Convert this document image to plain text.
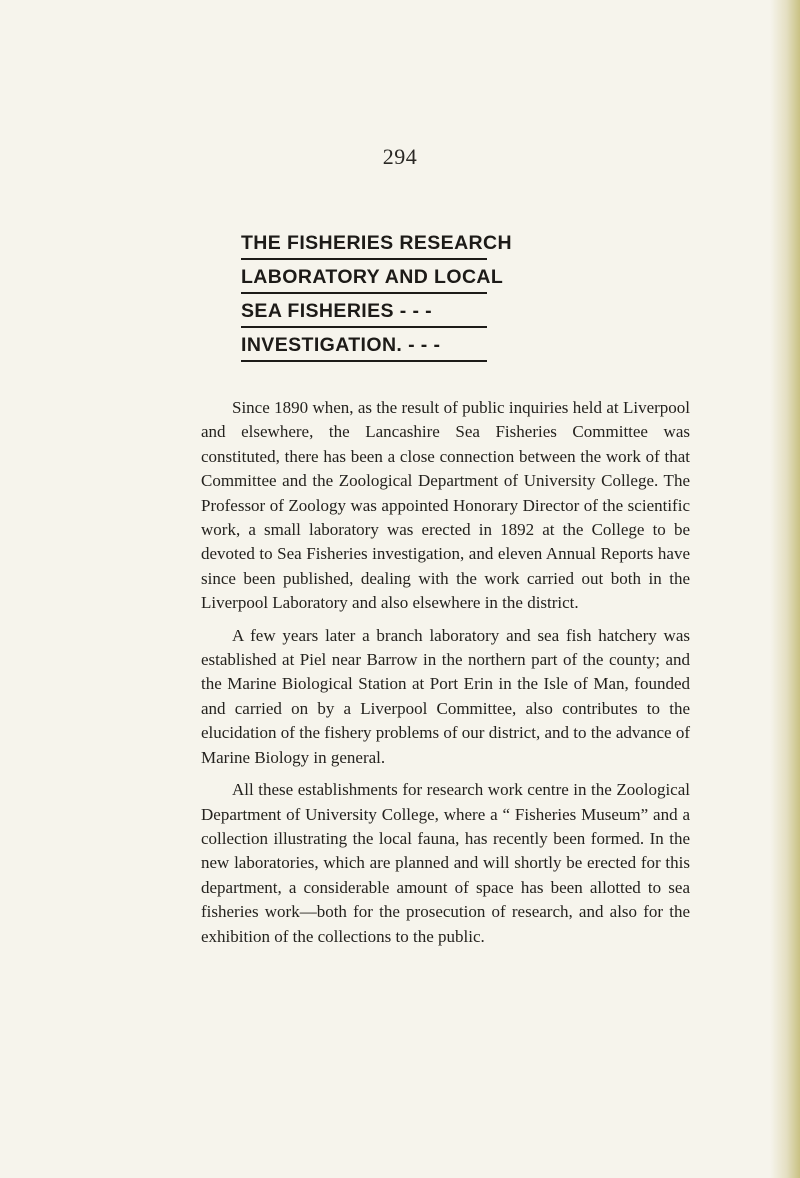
294
THE FISHERIES RESEARCH
LABORATORY AND LOCAL
SEA FISHERIES - - -
INVESTIGATION. - - -

Since 1890 when, as the result of public inquiries held at Liverpool and elsewhere, the Lancashire Sea Fisheries Committee was constituted, there has been a close connection between the work of that Committee and the Zoological Department of University College. The Professor of Zoology was appointed Honorary Director of the scientific work, a small laboratory was erected in 1892 at the College to be devoted to Sea Fisheries investigation, and eleven Annual Reports have since been published, dealing with the work carried out both in the Liverpool Laboratory and also elsewhere in the district.

A few years later a branch laboratory and sea fish hatchery was established at Piel near Barrow in the northern part of the county; and the Marine Biological Station at Port Erin in the Isle of Man, founded and carried on by a Liverpool Committee, also contributes to the elucidation of the fishery problems of our district, and to the advance of Marine Biology in general.

All these establishments for research work centre in the Zoological Department of University College, where a “ Fisheries Museum” and a collection illustrating the local fauna, has recently been formed. In the new laboratories, which are planned and will shortly be erected for this department, a considerable amount of space has been allotted to sea fisheries work—both for the prosecution of research, and also for the exhibition of the collections to the public.
